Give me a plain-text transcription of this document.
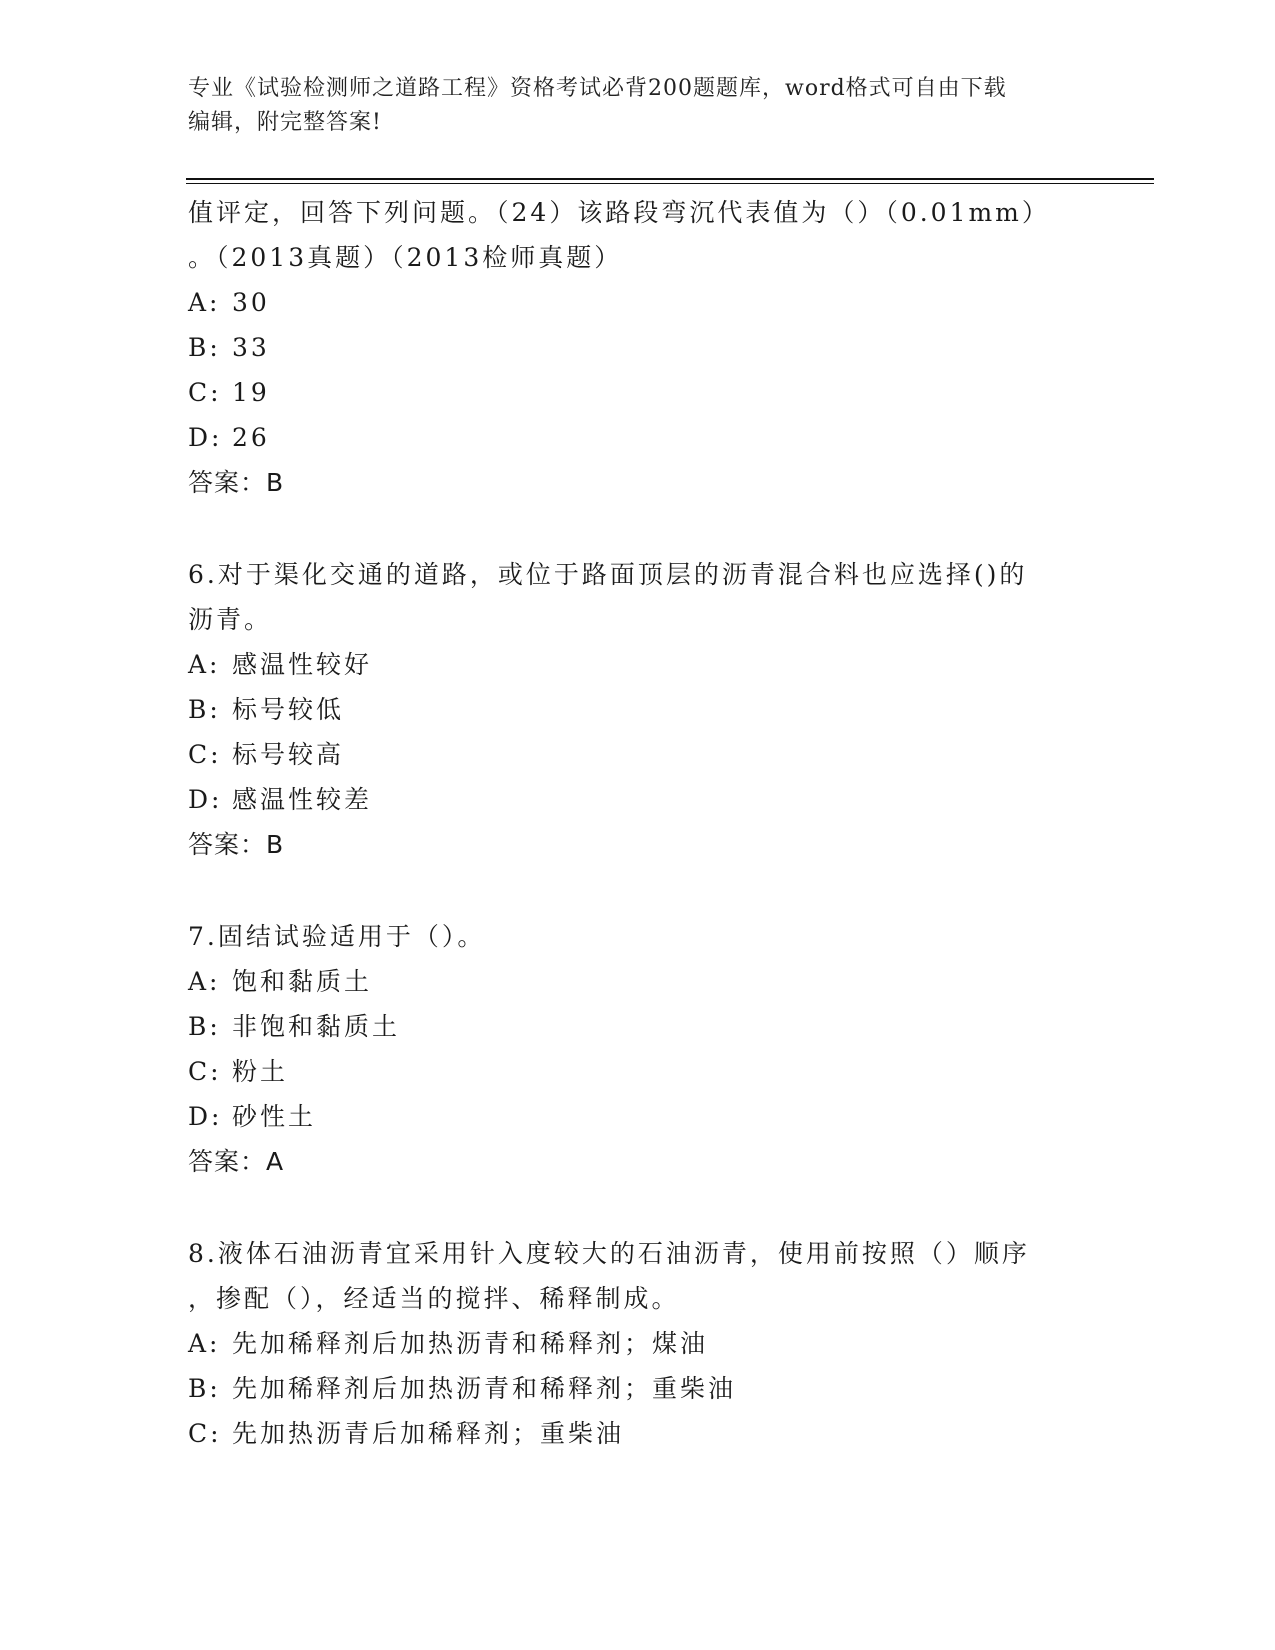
专业《试验检测师之道路工程》资格考试必背200题题库，word格式可自由下载
编辑，附完整答案!

值评定，回答下列问题。（24）该路段弯沉代表值为（）（0.01mm）

。（2013真题）（2013检师真题）

A: 30

B: 33

C: 19

D: 26

答案：B

6.对于渠化交通的道路，或位于路面顶层的沥青混合料也应选择()的

沥青。

A: 感温性较好

B: 标号较低

C: 标号较高

D: 感温性较差

答案：B

7.固结试验适用于（）。

A: 饱和黏质土

B: 非饱和黏质土

C: 粉土

D: 砂性土

答案：A

8.液体石油沥青宜采用针入度较大的石油沥青，使用前按照（）顺序

，掺配（），经适当的搅拌、稀释制成。

A: 先加稀释剂后加热沥青和稀释剂；煤油

B: 先加稀释剂后加热沥青和稀释剂；重柴油

C: 先加热沥青后加稀释剂；重柴油
